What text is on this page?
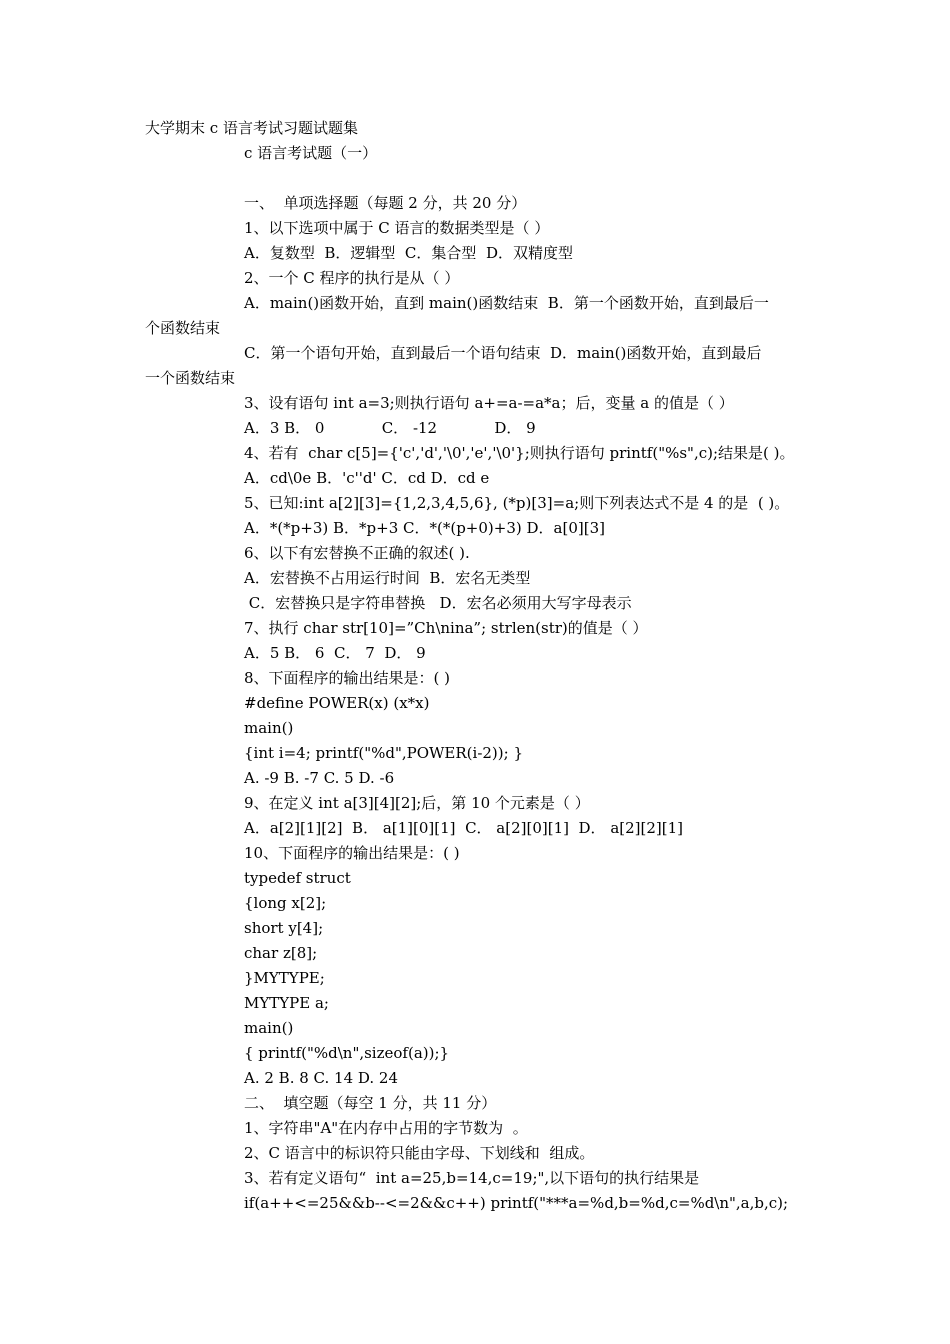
大学期末 c 语言考试习题试题集
c 语言考试题（一）
一、  单项选择题（每题 2 分，共 20 分）
1、以下选项中属于 C 语言的数据类型是（ ）
A．复数型  B．逻辑型  C．集合型  D．双精度型
2、一个 C 程序的执行是从（ ）
A．main()函数开始，直到 main()函数结束  B．第一个函数开始，直到最后一
个函数结束
C．第一个语句开始，直到最后一个语句结束  D．main()函数开始，直到最后
一个函数结束
3、设有语句 int a=3;则执行语句 a+=a-=a*a；后，变量 a 的值是（ ）
A．3 B． 0            C． -12            D． 9
4、若有  char c[5]={'c','d','\0','e','\0'};则执行语句 printf("%s",c);结果是( )。
A．cd\0e B．'c''d' C．cd D．cd e
5、已知:int a[2][3]={1,2,3,4,5,6}, (*p)[3]=a;则下列表达式不是 4 的是  ( )。
A．*(*p+3) B．*p+3 C．*(*(p+0)+3) D．a[0][3]
6、以下有宏替换不正确的叙述( ).
A．宏替换不占用运行时间  B．宏名无类型
C．宏替换只是字符串替换   D．宏名必须用大写字母表示
7、执行 char str[10]=”Ch\nina”; strlen(str)的值是（ ）
A．5 B． 6  C． 7  D． 9
8、下面程序的输出结果是：( )
#define POWER(x) (x*x)
main()
{int i=4; printf("%d",POWER(i-2)); }
A. -9 B. -7 C. 5 D. -6
9、在定义 int a[3][4][2];后，第 10 个元素是（ ）
A．a[2][1][2]  B． a[1][0][1]  C． a[2][0][1]  D． a[2][2][1]
10、下面程序的输出结果是：( )
typedef struct
{long x[2];
short y[4];
char z[8];
}MYTYPE;
MYTYPE a;
main()
{ printf("%d\n",sizeof(a));}
A. 2 B. 8 C. 14 D. 24
二、  填空题（每空 1 分，共 11 分）
1、字符串"A"在内存中占用的字节数为  。
2、C 语言中的标识符只能由字母、下划线和  组成。
3、若有定义语句“  int a=25,b=14,c=19;",以下语句的执行结果是
if(a++<=25&&b--<=2&&c++) printf("***a=%d,b=%d,c=%d\n",a,b,c);
